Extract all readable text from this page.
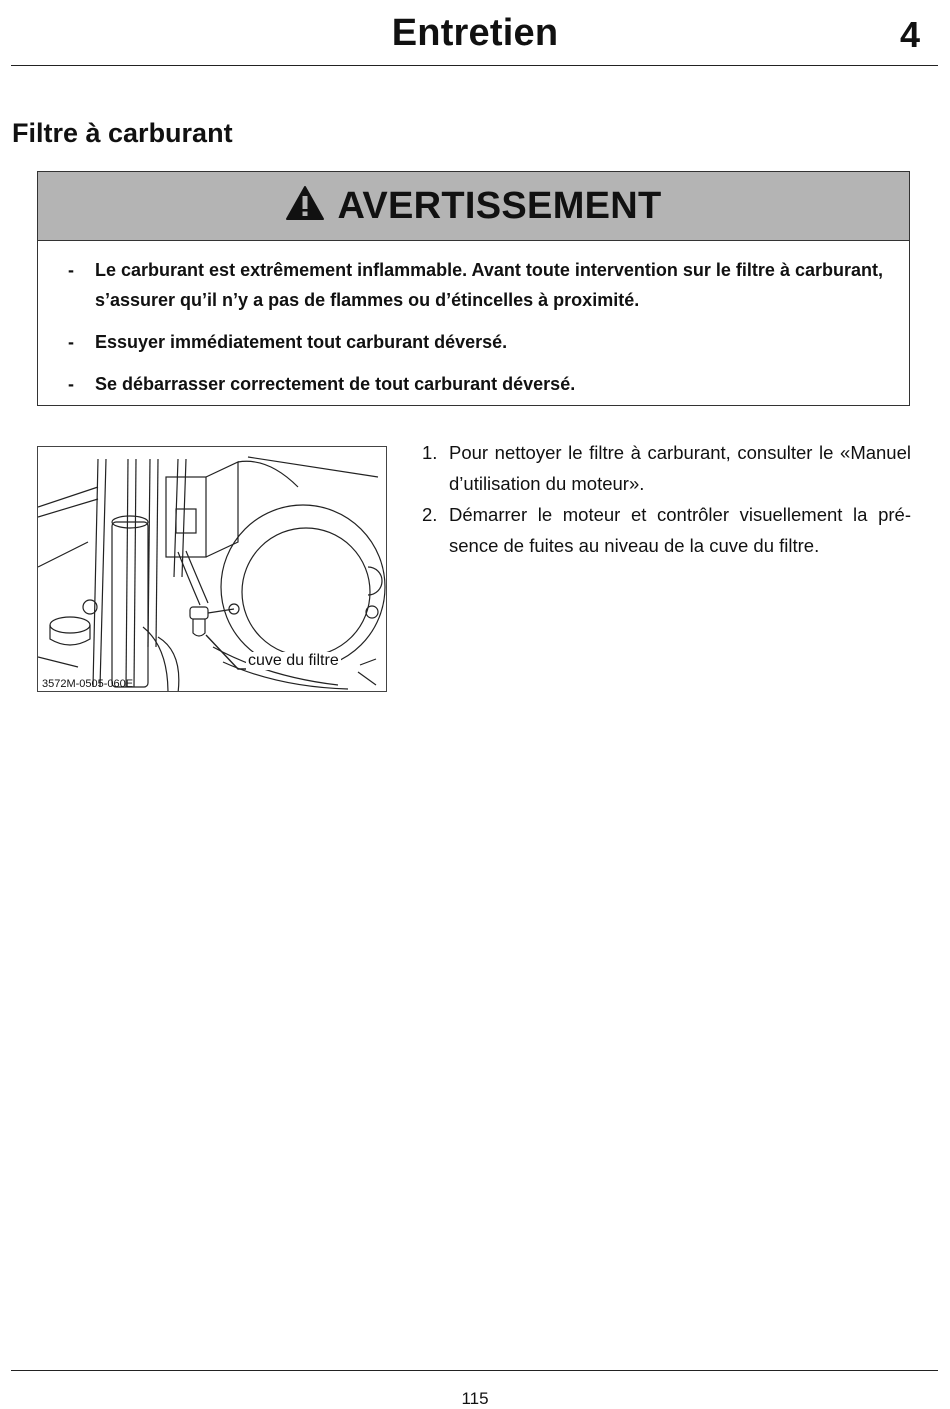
Entretien	4
Filtre à carburant
AVERTISSEMENT
- Le carburant est extrêmement inflammable. Avant toute intervention sur le filtre à carburant, s’assurer qu’il n’y a pas de flammes ou d’étincelles à proximité.
- Essuyer immédiatement tout carburant déversé.
- Se débarrasser correctement de tout carburant déversé.
cuve du filtre
3572M-0505-060E
1. Pour nettoyer le filtre à carburant, consulter le «Manuel d’utilisation du moteur».
2. Démarrer le moteur et contrôler visuellement la présence de fuites au niveau de la cuve du filtre.
115
